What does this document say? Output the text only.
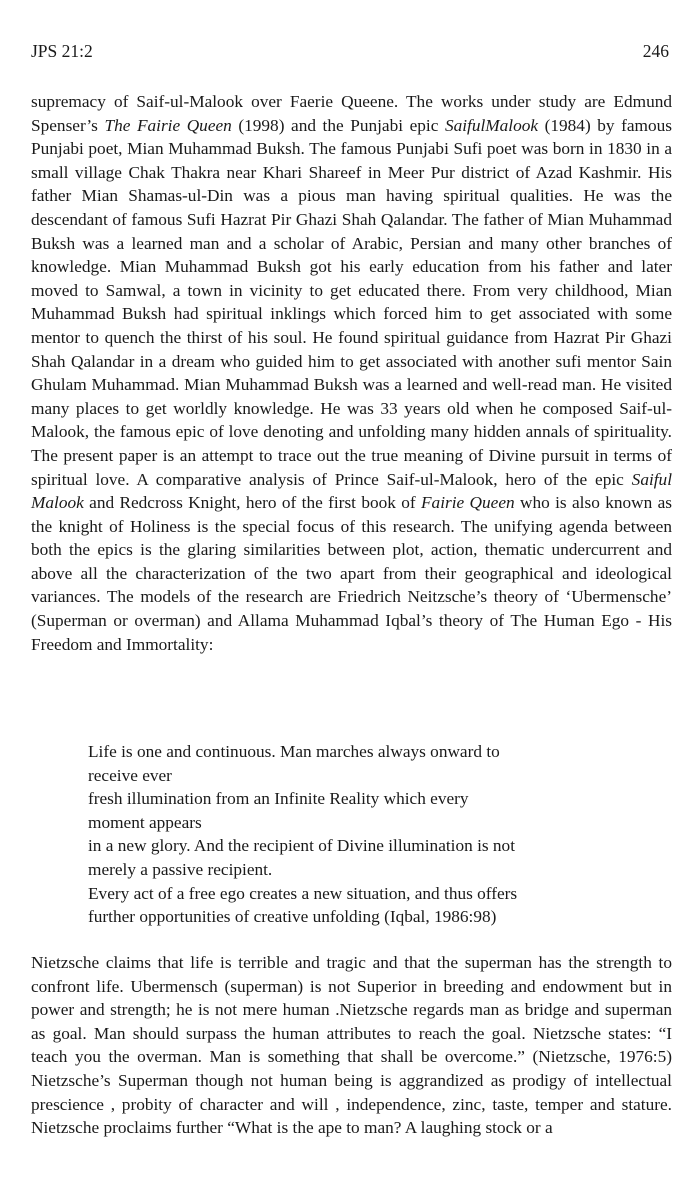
JPS 21:2	246
supremacy of Saif-ul-Malook over Faerie Queene. The works under study are Edmund Spenser’s The Fairie Queen (1998) and the Punjabi epic SaifulMalook (1984) by famous Punjabi poet, Mian Muhammad Buksh. The famous Punjabi Sufi poet was born in 1830 in a small village Chak Thakra near Khari Shareef in Meer Pur district of Azad Kashmir. His father Mian Shamas-ul-Din was a pious man having spiritual qualities. He was the descendant of famous Sufi Hazrat Pir Ghazi Shah Qalandar. The father of Mian Muhammad Buksh was a learned man and a scholar of Arabic, Persian and many other branches of knowledge. Mian Muhammad Buksh got his early education from his father and later moved to Samwal, a town in vicinity to get educated there. From very childhood, Mian Muhammad Buksh had spiritual inklings which forced him to get associated with some mentor to quench the thirst of his soul. He found spiritual guidance from Hazrat Pir Ghazi Shah Qalandar in a dream who guided him to get associated with another sufi mentor Sain Ghulam Muhammad. Mian Muhammad Buksh was a learned and well-read man. He visited many places to get worldly knowledge. He was 33 years old when he composed Saif-ul-Malook, the famous epic of love denoting and unfolding many hidden annals of spirituality. The present paper is an attempt to trace out the true meaning of Divine pursuit in terms of spiritual love. A comparative analysis of Prince Saif-ul-Malook, hero of the epic Saiful Malook and Redcross Knight, hero of the first book of Fairie Queen who is also known as the knight of Holiness is the special focus of this research. The unifying agenda between both the epics is the glaring similarities between plot, action, thematic undercurrent and above all the characterization of the two apart from their geographical and ideological variances. The models of the research are Friedrich Neitzsche’s theory of ‘Ubermensche’ (Superman or overman) and Allama Muhammad Iqbal’s theory of The Human Ego - His Freedom and Immortality:
Life is one and continuous. Man marches always onward to
receive ever
fresh illumination from an Infinite Reality which every
moment appears
in a new glory. And the recipient of Divine illumination is not
merely a passive recipient.
Every act of a free ego creates a new situation, and thus offers
further opportunities of creative unfolding (Iqbal, 1986:98)
Nietzsche claims that life is terrible and tragic and that the superman has the strength to confront life. Ubermensch (superman) is not Superior in breeding and endowment but in power and strength; he is not mere human .Nietzsche regards man as bridge and superman as goal. Man should surpass the human attributes to reach the goal. Nietzsche states: “I teach you the overman. Man is something that shall be overcome.” (Nietzsche, 1976:5) Nietzsche’s Superman though not human being is aggrandized as prodigy of intellectual prescience , probity of character and will , independence, zinc, taste, temper and stature. Nietzsche proclaims further “What is the ape to man? A laughing stock or a
